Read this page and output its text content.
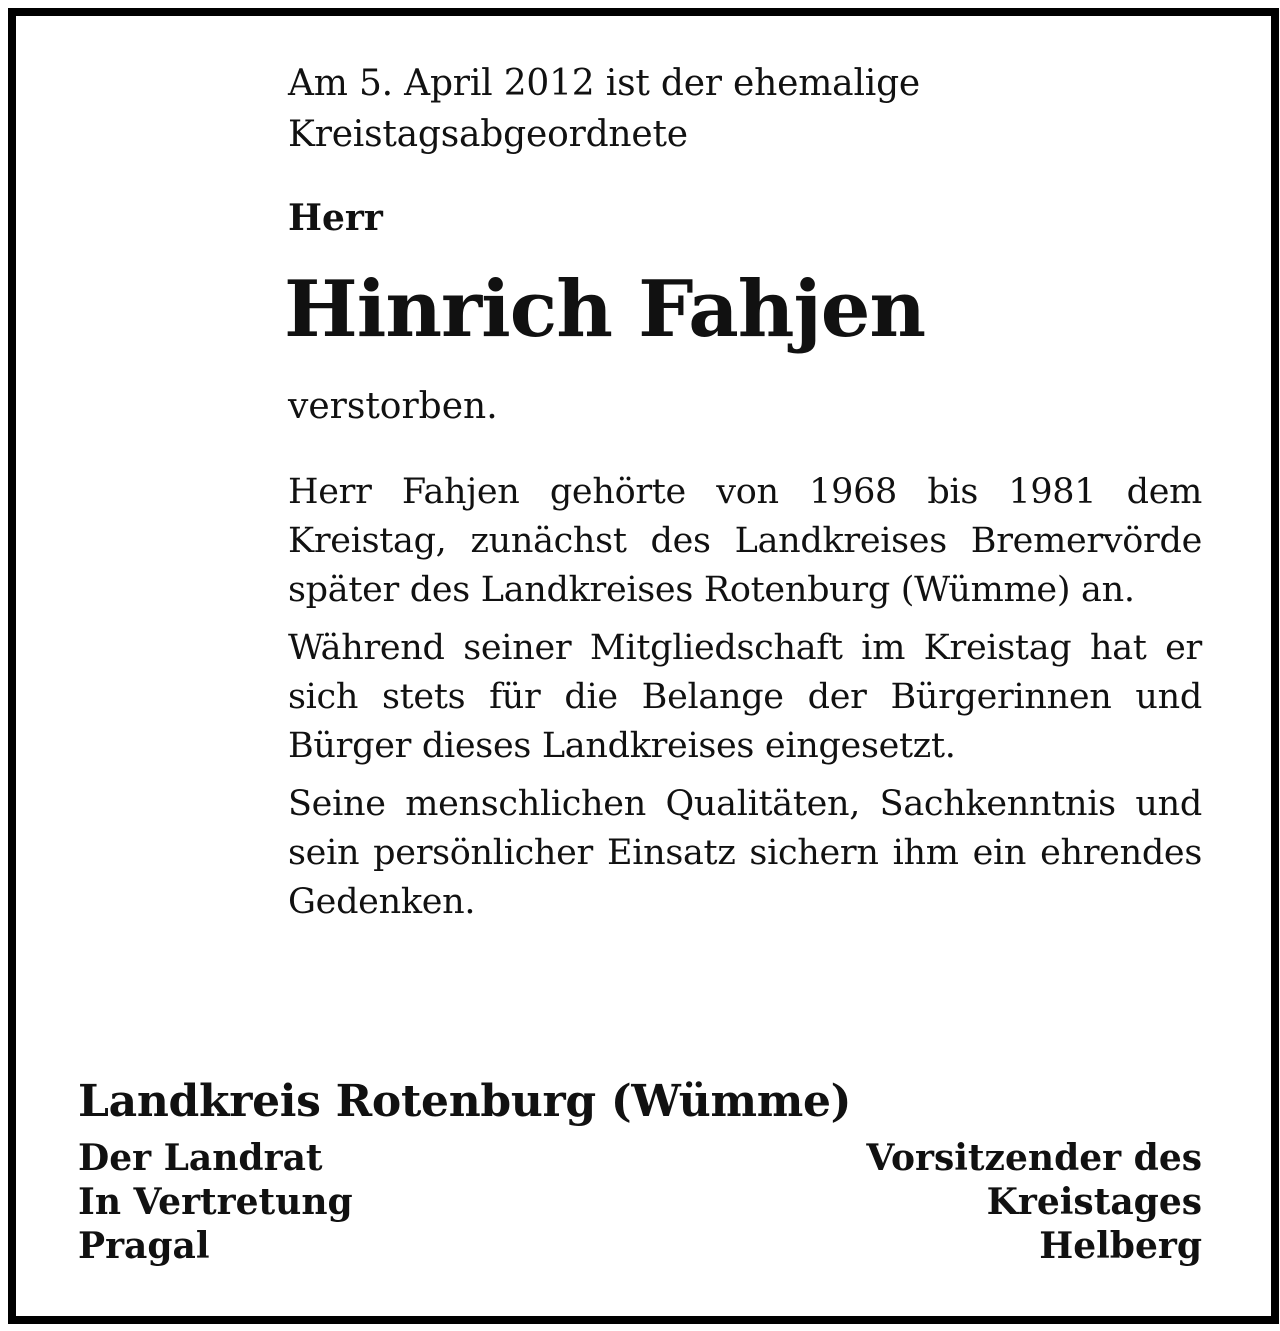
Am 5. April 2012 ist der ehemalige
Kreistagsabgeordnete
Herr
Hinrich Fahjen
verstorben.

Herr Fahjen gehörte von 1968 bis 1981 dem Kreistag, zunächst des Landkreises Bremervörde später des Landkreises Rotenburg (Wümme) an.

Während seiner Mitgliedschaft im Kreistag hat er sich stets für die Belange der Bürgerinnen und Bürger dieses Landkreises eingesetzt.

Seine menschlichen Qualitäten, Sachkenntnis und sein persönlicher Einsatz sichern ihm ein ehrendes Gedenken.

Landkreis Rotenburg (Wümme)
Der Landrat
In Vertretung
Pragal
Vorsitzender des
Kreistages
Helberg
